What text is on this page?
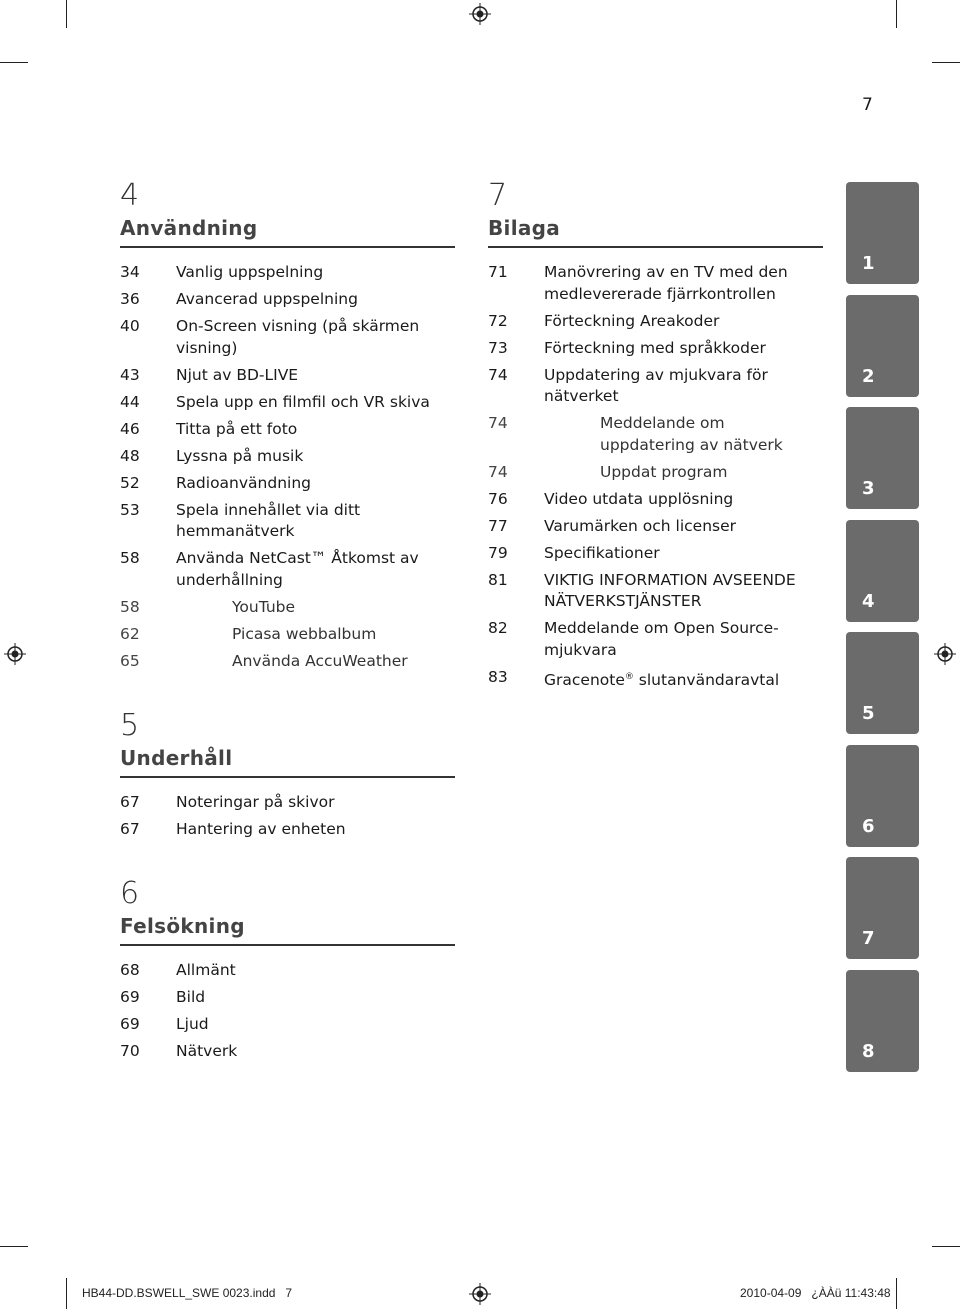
7
4
Användning
34	Vanlig uppspelning
36	Avancerad uppspelning
40	On-Screen visning (på skärmen visning)
43	Njut av BD-LIVE
44	Spela upp en filmfil och VR skiva
46	Titta på ett foto
48	Lyssna på musik
52	Radioanvändning
53	Spela innehållet via ditt hemmanätverk
58	Använda NetCast™ Åtkomst av underhållning
58	YouTube
62	Picasa webbalbum
65	Använda AccuWeather
5
Underhåll
67	Noteringar på skivor
67	Hantering av enheten
6
Felsökning
68	Allmänt
69	Bild
69	Ljud
70	Nätverk
7
Bilaga
71	Manövrering av en TV med den medlevererade fjärrkontrollen
72	Förteckning Areakoder
73	Förteckning med språkkoder
74	Uppdatering av mjukvara för nätverket
74	Meddelande om uppdatering av nätverk
74	Uppdat program
76	Video utdata upplösning
77	Varumärken och licenser
79	Specifikationer
81	VIKTIG INFORMATION AVSEENDE NÄTVERKSTJÄNSTER
82	Meddelande om Open Source-mjukvara
83	Gracenote® slutanvändaravtal
1
2
3
4
5
6
7
8
HB44-DD.BSWELL_SWE 0023.indd   7	2010-04-09   ¿ÀÀü 11:43:48
